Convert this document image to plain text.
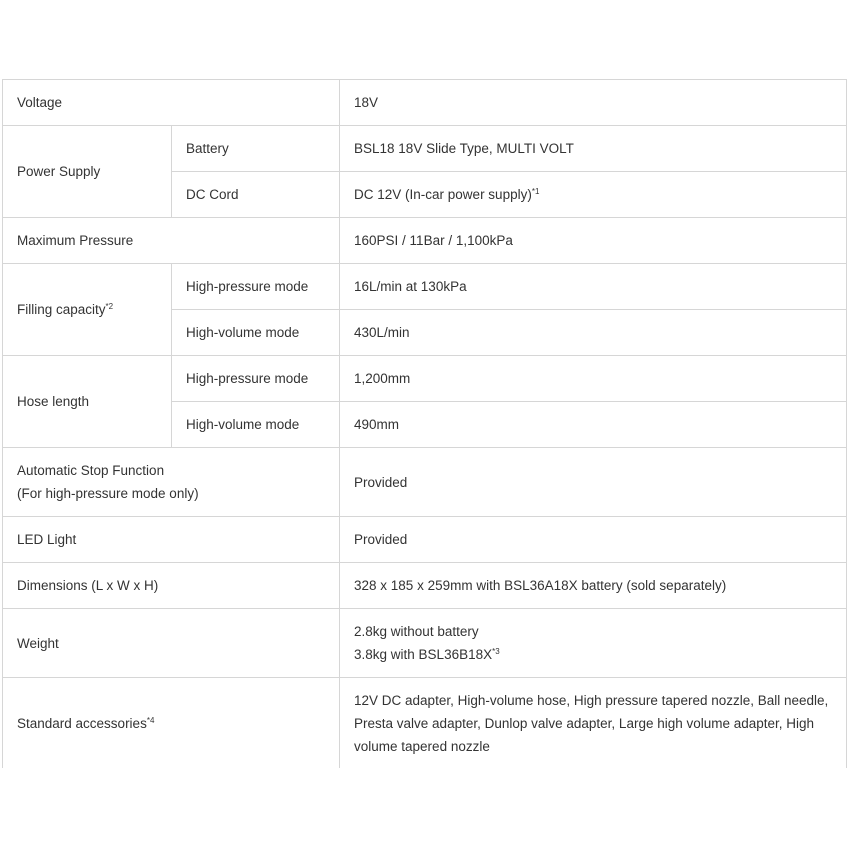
Voltage		18V
Power Supply	Battery	BSL18 18V Slide Type, MULTI VOLT
	DC Cord	DC 12V (In-car power supply)$^{*1}$
Maximum Pressure		160PSI / 11Bar / 1,100kPa
Filling capacity$^{*2}$	High-pressure mode	16L/min at 130kPa
	High-volume mode	430L/min
Hose length	High-pressure mode	1,200mm
	High-volume mode	490mm

Automatic Stop Function
(For high-pressure mode only)		Provided
LED Light		Provided
Dimensions (L x W x H)		328 x 185 x 259mm with BSL36A18X battery (sold separately)
Weight		2.8kg without battery
3.8kg with $BSL36B18X^{*3}$

Standard accessories$^{*4}$		12V DC adapter, High-volume hose, High pressure tapered nozzle, Ball needle,
Presta valve adapter, Dunlop valve adapter, Large high volume adapter, High
volume tapered nozzle
